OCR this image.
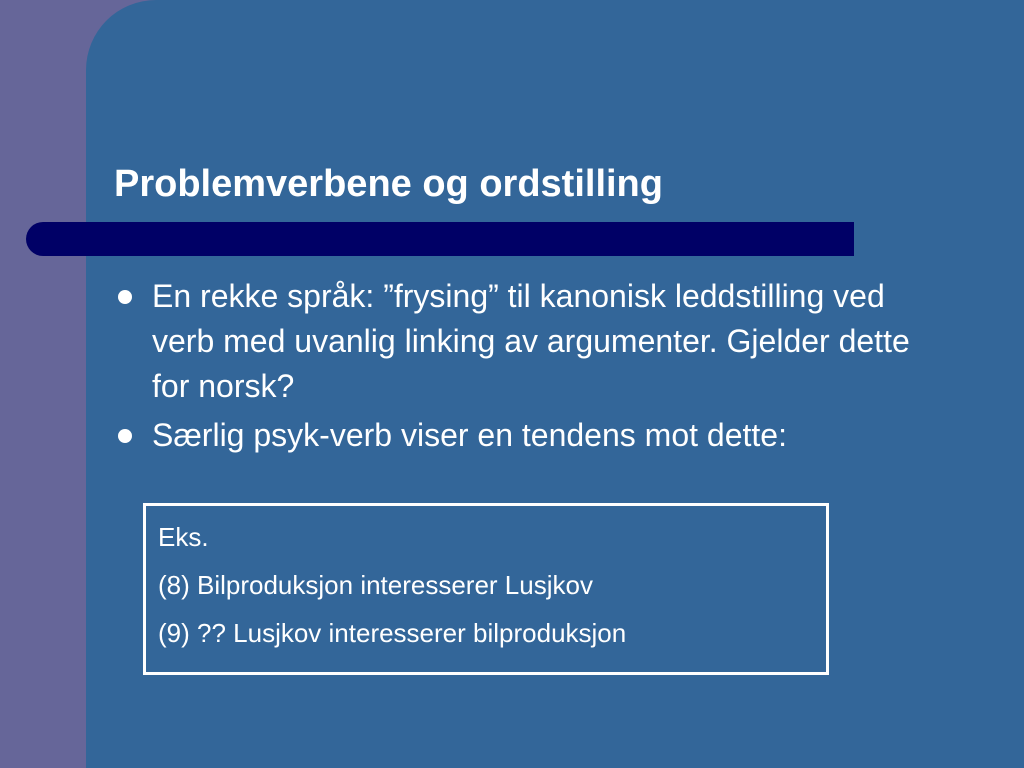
Problemverbene og ordstilling
En rekke språk: ”frysing” til kanonisk leddstilling ved verb med uvanlig linking av argumenter. Gjelder dette for norsk?
Særlig psyk-verb viser en tendens mot dette:
Eks.
(8) Bilproduksjon interesserer Lusjkov
(9) ?? Lusjkov interesserer bilproduksjon
